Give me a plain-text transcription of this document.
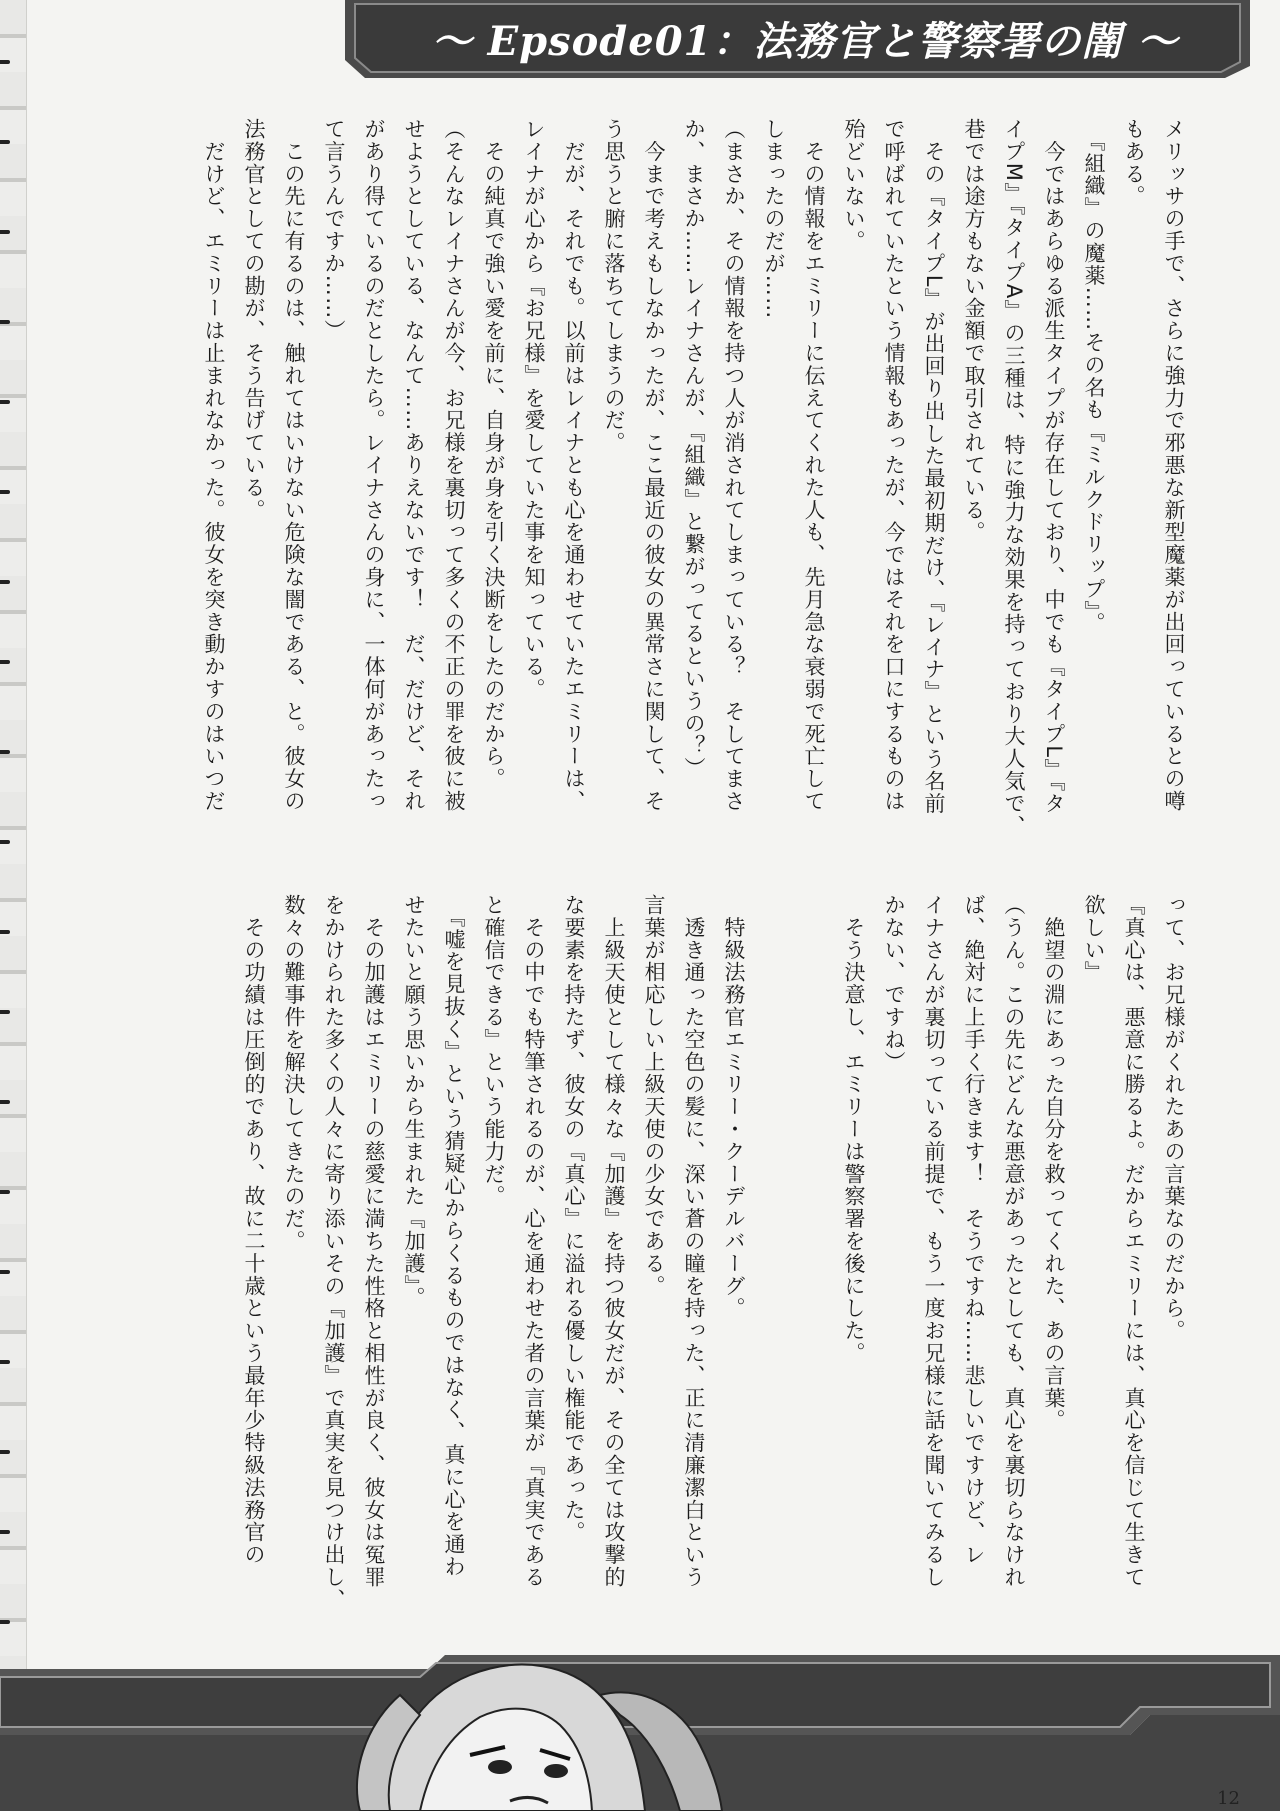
〜 Epsode01：法務官と警察署の闇 〜
メリッサの手で、さらに強力で邪悪な新型魔薬が出回っているとの噂
もある。
　『組織』の魔薬……その名も『ミルクドリップ』。
　今ではあらゆる派生タイプが存在しており、中でも『タイプL』『タ
イプM』『タイプA』の三種は、特に強力な効果を持っており大人気で、
巷では途方もない金額で取引されている。
　その『タイプL』が出回り出した最初期だけ、『レイナ』という名前
で呼ばれていたという情報もあったが、今ではそれを口にするものは
殆どいない。
　その情報をエミリーに伝えてくれた人も、先月急な衰弱で死亡して
しまったのだが……
（まさか、その情報を持つ人が消されてしまっている？　そしてまさ
か、まさか……レイナさんが、『組織』と繋がってるというの？）
　今まで考えもしなかったが、ここ最近の彼女の異常さに関して、そ
う思うと腑に落ちてしまうのだ。
　だが、それでも。以前はレイナとも心を通わせていたエミリーは、
レイナが心から『お兄様』を愛していた事を知っている。
　その純真で強い愛を前に、自身が身を引く決断をしたのだから。
（そんなレイナさんが今、お兄様を裏切って多くの不正の罪を彼に被
せようとしている、なんて……ありえないです！　だ、だけど、それ
があり得ているのだとしたら。レイナさんの身に、一体何があったっ
て言うんですか……）
　この先に有るのは、触れてはいけない危険な闇である、と。彼女の
法務官としての勘が、そう告げている。
　だけど、エミリーは止まれなかった。彼女を突き動かすのはいつだ
って、お兄様がくれたあの言葉なのだから。
『真心は、悪意に勝るよ。だからエミリーには、真心を信じて生きて
欲しい』
　絶望の淵にあった自分を救ってくれた、あの言葉。
（うん。この先にどんな悪意があったとしても、真心を裏切らなけれ
ば、絶対に上手く行きます！　そうですね……悲しいですけど、レ
イナさんが裏切っている前提で、もう一度お兄様に話を聞いてみるし
かない、ですね）
　そう決意し、エミリーは警察署を後にした。

　特級法務官エミリー・クーデルバーグ。
　透き通った空色の髪に、深い蒼の瞳を持った、正に清廉潔白という
言葉が相応しい上級天使の少女である。
　上級天使として様々な『加護』を持つ彼女だが、その全ては攻撃的
な要素を持たず、彼女の『真心』に溢れる優しい権能であった。
　その中でも特筆されるのが、心を通わせた者の言葉が『真実である
と確信できる』という能力だ。
　『嘘を見抜く』という猜疑心からくるものではなく、真に心を通わ
せたいと願う思いから生まれた『加護』。
　その加護はエミリーの慈愛に満ちた性格と相性が良く、彼女は冤罪
をかけられた多くの人々に寄り添いその『加護』で真実を見つけ出し、
数々の難事件を解決してきたのだ。
　その功績は圧倒的であり、故に二十歳という最年少特級法務官の
12
